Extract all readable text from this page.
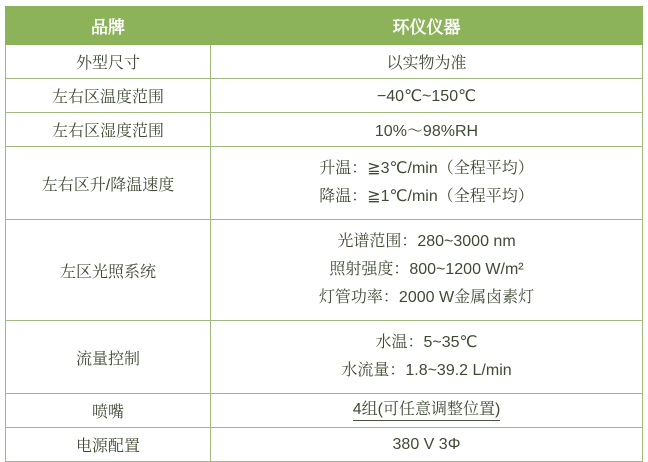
品牌	环仪仪器
外型尺寸	以实物为准
左右区温度范围	−40℃~150℃
左右区湿度范围	10%～98%RH
左右区升/降温速度	升温：≧3℃/min（全程平均）
降温：≧1℃/min（全程平均）

左区光照系统	光谱范围：280~3000 nm
照射强度：800~1200 W/m²
灯管功率：2000 W金属卤素灯

流量控制	水温：5~35℃
水流量：1.8~39.2 L/min

喷嘴	4组(可任意调整位置)
电源配置	380 V 3Φ
